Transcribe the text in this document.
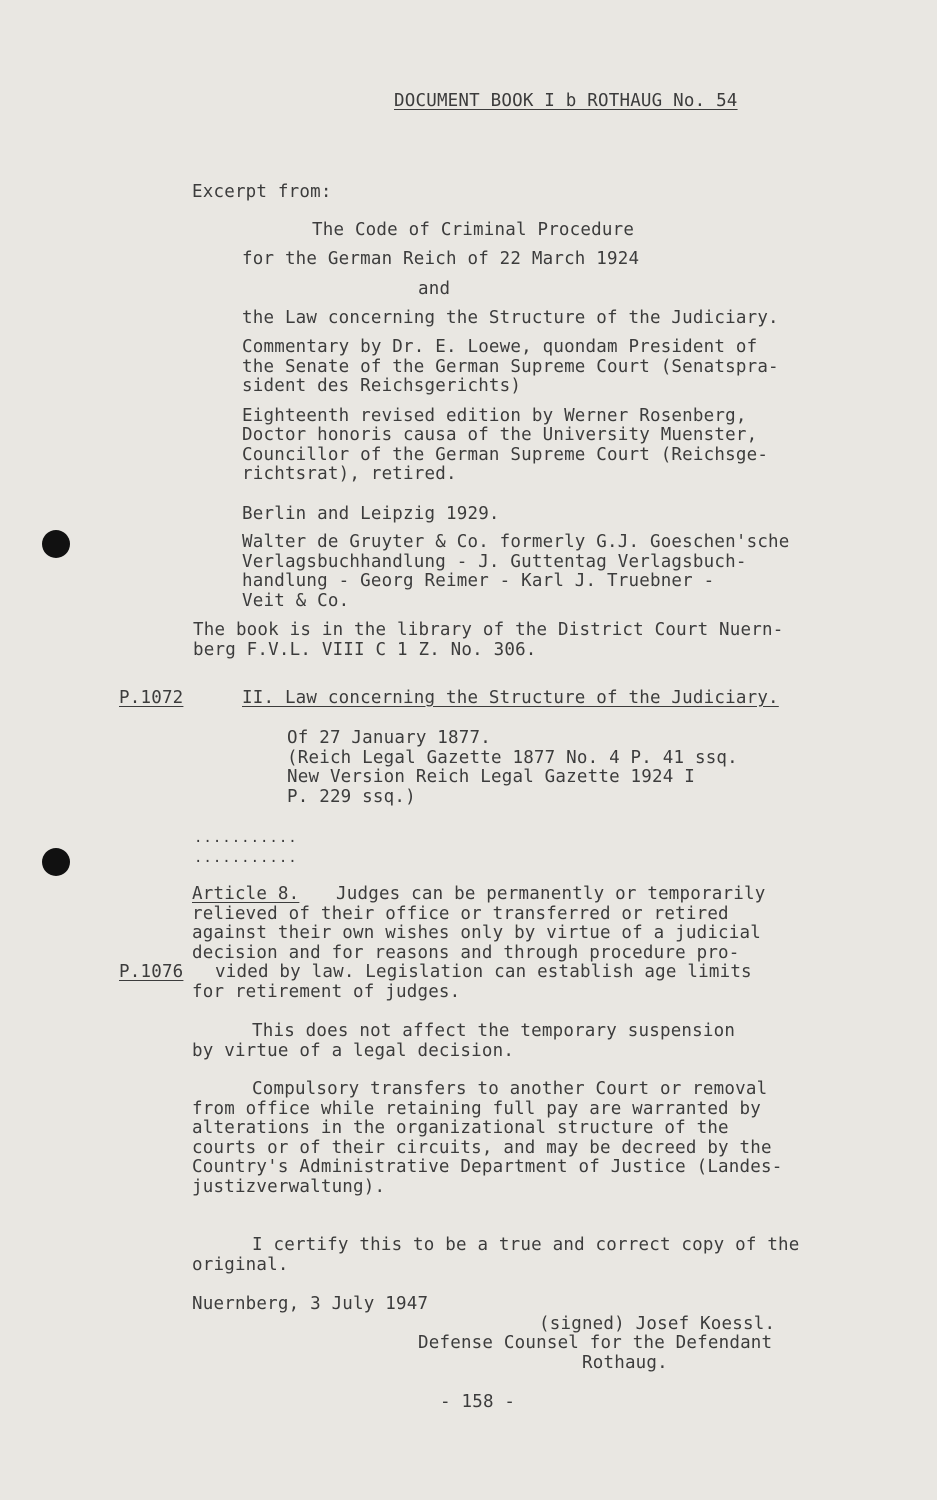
DOCUMENT BOOK I b ROTHAUG No. 54
Excerpt from:
The Code of Criminal Procedure
for the German Reich of 22 March 1924
and
the Law concerning the Structure of the Judiciary.
Commentary by Dr. E. Loewe, quondam President of
the Senate of the German Supreme Court (Senatspra-
sident des Reichsgerichts)
Eighteenth revised edition by Werner Rosenberg,
Doctor honoris causa of the University Muenster,
Councillor of the German Supreme Court (Reichsge-
richtsrat), retired.
Berlin and Leipzig 1929.
Walter de Gruyter & Co. formerly G.J. Goeschen'sche
Verlagsbuchhandlung - J. Guttentag Verlagsbuch-
handlung - Georg Reimer - Karl J. Truebner -
Veit & Co.
The book is in the library of the District Court Nuern-
berg F.V.L. VIII C 1 Z. No. 306.
P.1072	II. Law concerning the Structure of the Judiciary.
Of 27 January 1877.
(Reich Legal Gazette 1877 No. 4 P. 41 ssq.
New Version Reich Legal Gazette 1924 I
P. 229 ssq.)
...........
...........
Article 8. Judges can be permanently or temporarily
relieved of their office or transferred or retired
against their own wishes only by virtue of a judicial
decision and for reasons and through procedure pro-
P.1076 vided by law. Legislation can establish age limits
for retirement of judges.
This does not affect the temporary suspension
by virtue of a legal decision.
Compulsory transfers to another Court or removal
from office while retaining full pay are warranted by
alterations in the organizational structure of the
courts or of their circuits, and may be decreed by the
Country's Administrative Department of Justice (Landes-
justizverwaltung).
I certify this to be a true and correct copy of the
original.
Nuernberg, 3 July 1947
(signed) Josef Koessl.
Defense Counsel for the Defendant
Rothaug.
- 158 -
